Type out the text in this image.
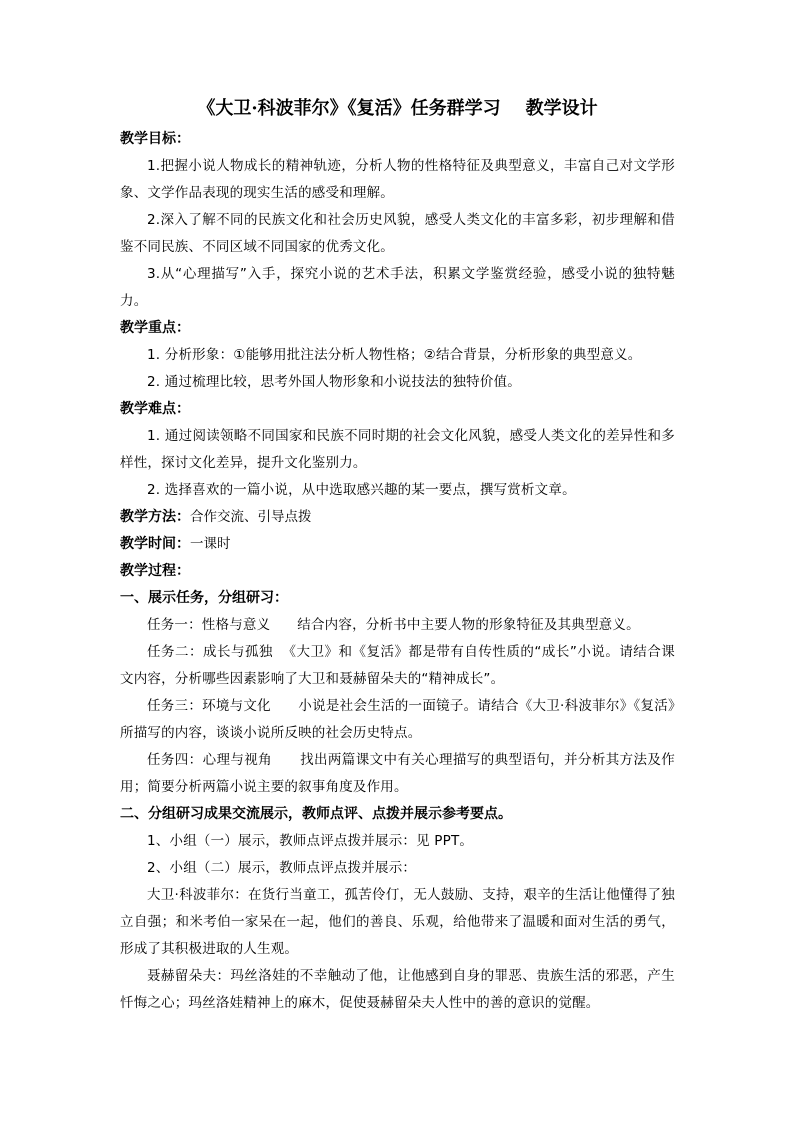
《大卫·科波菲尔》《复活》任务群学习    教学设计
教学目标：

1.把握小说人物成长的精神轨迹，分析人物的性格特征及典型意义，丰富自己对文学形象、文学作品表现的现实生活的感受和理解。

2.深入了解不同的民族文化和社会历史风貌，感受人类文化的丰富多彩，初步理解和借鉴不同民族、不同区域不同国家的优秀文化。

3.从“心理描写”入手，探究小说的艺术手法，积累文学鉴赏经验，感受小说的独特魅力。

教学重点：

1. 分析形象：①能够用批注法分析人物性格；②结合背景，分析形象的典型意义。

2. 通过梳理比较，思考外国人物形象和小说技法的独特价值。

教学难点：

1. 通过阅读领略不同国家和民族不同时期的社会文化风貌，感受人类文化的差异性和多样性，探讨文化差异，提升文化鉴别力。

2. 选择喜欢的一篇小说，从中选取感兴趣的某一要点，撰写赏析文章。

教学方法：合作交流、引导点拨

教学时间：一课时

教学过程：
一、展示任务，分组研习：

任务一：性格与意义 结合内容，分析书中主要人物的形象特征及其典型意义。

任务二：成长与孤独 《大卫》和《复活》都是带有自传性质的“成长”小说。请结合课文内容，分析哪些因素影响了大卫和聂赫留朵夫的“精神成长”。

任务三：环境与文化 小说是社会生活的一面镜子。请结合《大卫·科波菲尔》《复活》所描写的内容，谈谈小说所反映的社会历史特点。

任务四：心理与视角 找出两篇课文中有关心理描写的典型语句，并分析其方法及作用；简要分析两篇小说主要的叙事角度及作用。

二、分组研习成果交流展示，教师点评、点拨并展示参考要点。

1、小组（一）展示，教师点评点拨并展示：见 PPT。

2、小组（二）展示，教师点评点拨并展示：

大卫·科波菲尔：在货行当童工，孤苦伶仃，无人鼓励、支持，艰辛的生活让他懂得了独立自强；和米考伯一家呆在一起，他们的善良、乐观，给他带来了温暖和面对生活的勇气，形成了其积极进取的人生观。

聂赫留朵夫：玛丝洛娃的不幸触动了他，让他感到自身的罪恶、贵族生活的邪恶，产生忏悔之心；玛丝洛娃精神上的麻木，促使聂赫留朵夫人性中的善的意识的觉醒。
